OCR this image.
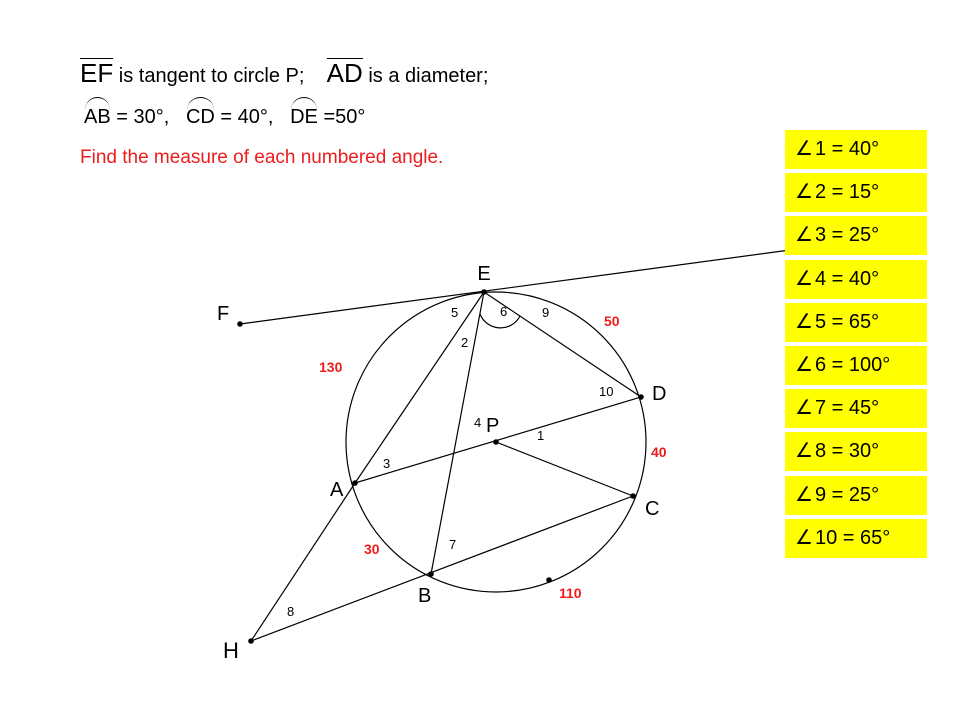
EF is tangent to circle P;    AD is a diameter;
AB = 30°, CD = 40°, DE =50°
Find the measure of each numbered angle.
E
F
D
P
A
C
B
H
1
2
3
4
5	6
7
8
9
10
130
50
40
30
110
∠ 1 = 40°
∠ 2 = 15°
∠ 3 = 25°
∠ 4 = 40°
∠ 5 = 65°
∠ 6 = 100°
∠ 7 = 45°
∠ 8 = 30°
∠ 9 = 25°
∠ 10 = 65°
